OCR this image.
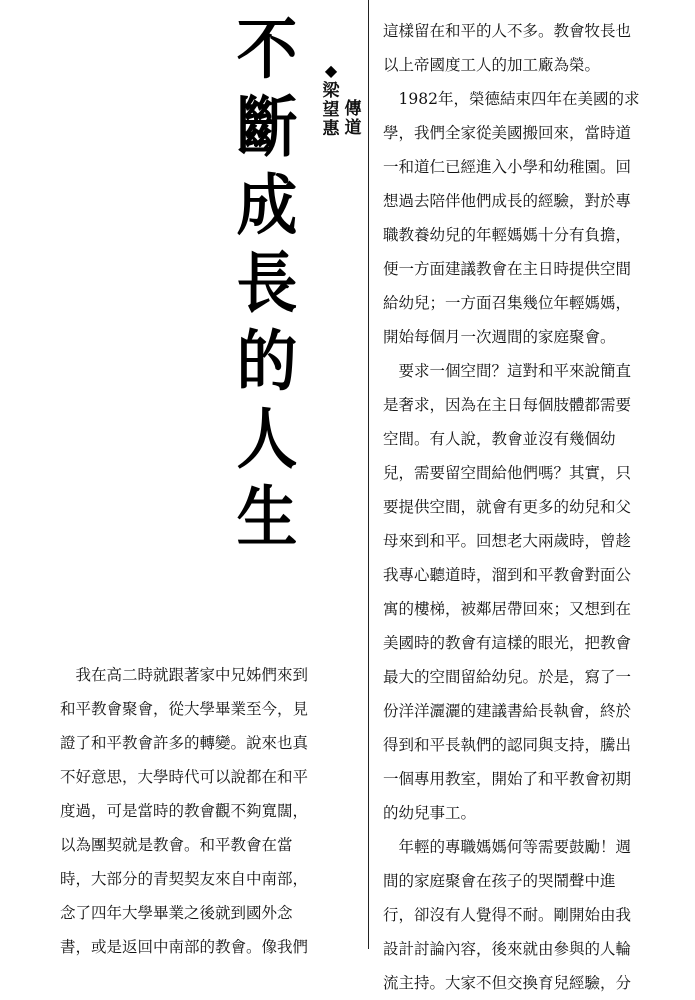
不
斷
成
長
的
人
生
◆
梁
望
惠
傳
道
　我在高二時就跟著家中兄姊們來到
和平教會聚會，從大學畢業至今，見
證了和平教會許多的轉變。說來也真
不好意思，大學時代可以說都在和平
度過，可是當時的教會觀不夠寬闊，
以為團契就是教會。和平教會在當
時，大部分的青契契友來自中南部，
念了四年大學畢業之後就到國外念
書，或是返回中南部的教會。像我們
這樣留在和平的人不多。教會牧長也
以上帝國度工人的加工廠為榮。
　1982年，榮德結束四年在美國的求
學，我們全家從美國搬回來，當時道
一和道仁已經進入小學和幼稚園。回
想過去陪伴他們成長的經驗，對於專
職教養幼兒的年輕媽媽十分有負擔，
便一方面建議教會在主日時提供空間
給幼兒；一方面召集幾位年輕媽媽，
開始每個月一次週間的家庭聚會。
　要求一個空間？這對和平來說簡直
是奢求，因為在主日每個肢體都需要
空間。有人說，教會並沒有幾個幼
兒，需要留空間給他們嗎？其實，只
要提供空間，就會有更多的幼兒和父
母來到和平。回想老大兩歲時，曾趁
我專心聽道時，溜到和平教會對面公
寓的樓梯，被鄰居帶回來；又想到在
美國時的教會有這樣的眼光，把教會
最大的空間留給幼兒。於是，寫了一
份洋洋灑灑的建議書給長執會，終於
得到和平長執們的認同與支持，騰出
一個專用教室，開始了和平教會初期
的幼兒事工。
　年輕的專職媽媽何等需要鼓勵！週
間的家庭聚會在孩子的哭鬧聲中進
行，卻沒有人覺得不耐。剛開始由我
設計討論內容，後來就由參與的人輪
流主持。大家不但交換育兒經驗，分
